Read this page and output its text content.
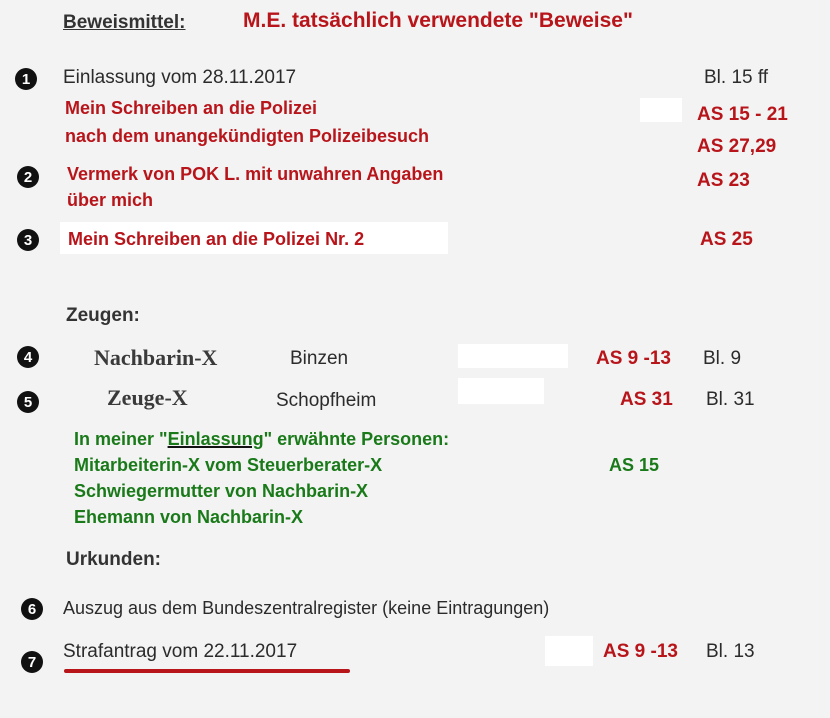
Beweismittel:	M.E. tatsächlich verwendete "Beweise"
1	Einlassung vom 28.11.2017	Bl. 15 ff
Mein Schreiben an die Polizei
nach dem unangekündigten Polizeibesuch
AS 15 - 21
AS 27,29
2	Vermerk von POK L. mit unwahren Angaben
über mich
AS 23
3	Mein Schreiben an die Polizei Nr. 2	AS 25
Zeugen:
4	Nachbarin-X	Binzen	AS 9 -13 Bl. 9
5	Zeuge-X	Schopfheim	AS 31 Bl. 31
In meiner "Einlassung" erwähnte Personen:
Mitarbeiterin-X vom Steuerberater-X	AS 15
Schwiegermutter von Nachbarin-X
Ehemann von Nachbarin-X
Urkunden:
6	Auszug aus dem Bundeszentralregister (keine Eintragungen)
7	Strafantrag vom 22.11.2017	AS 9 -13 Bl. 13
